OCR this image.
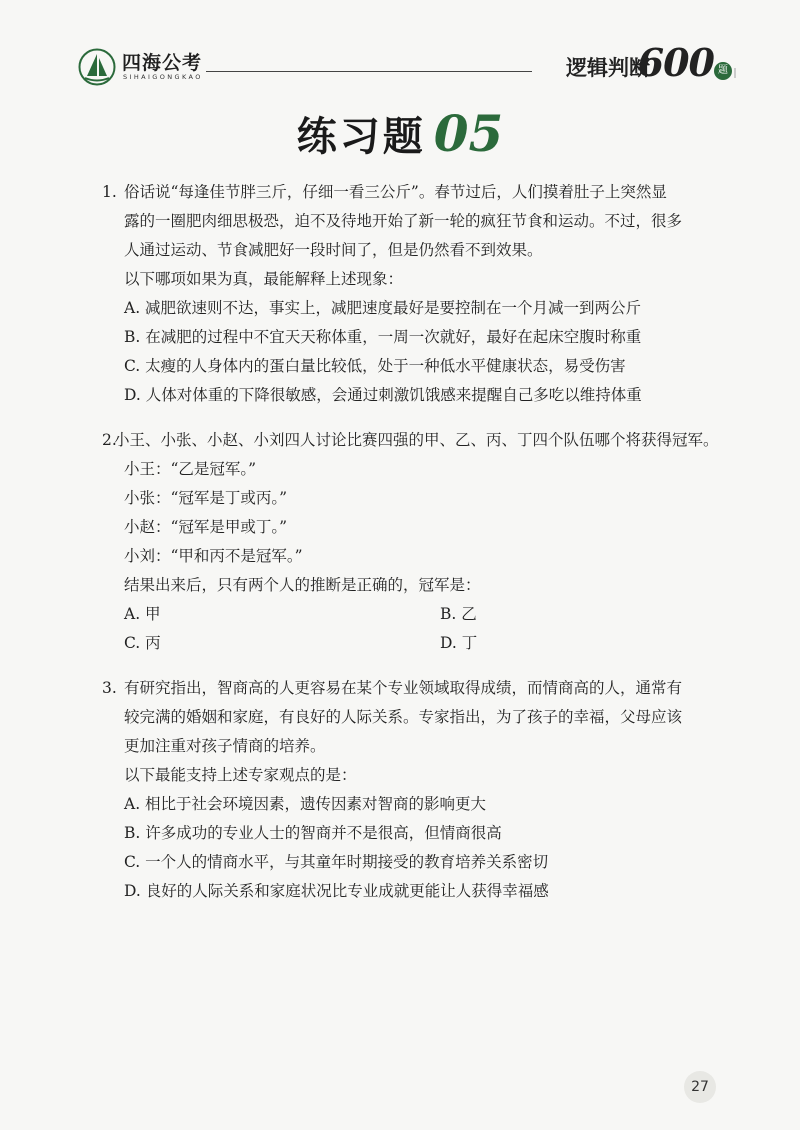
四海公考
SIHAIGONGKAO	逻辑判断
600 题
练习题 05
1. 俗话说“每逢佳节胖三斤，仔细一看三公斤”。春节过后，人们摸着肚子上突然显
露的一圈肥肉细思极恐，迫不及待地开始了新一轮的疯狂节食和运动。不过，很多
人通过运动、节食减肥好一段时间了，但是仍然看不到效果。
以下哪项如果为真，最能解释上述现象：
A. 减肥欲速则不达，事实上，减肥速度最好是要控制在一个月减一到两公斤
B. 在减肥的过程中不宜天天称体重，一周一次就好，最好在起床空腹时称重
C. 太瘦的人身体内的蛋白量比较低，处于一种低水平健康状态，易受伤害
D. 人体对体重的下降很敏感，会通过刺激饥饿感来提醒自己多吃以维持体重
2.
小王、小张、小赵、小刘四人讨论比赛四强的甲、乙、丙、丁四个队伍哪个将获得冠军。
小王：“乙是冠军。”
小张：“冠军是丁或丙。”
小赵：“冠军是甲或丁。”
小刘：“甲和丙不是冠军。”
结果出来后，只有两个人的推断是正确的，冠军是：
A. 甲	B. 乙
C. 丙	D. 丁
3. 有研究指出，智商高的人更容易在某个专业领域取得成绩，而情商高的人，通常有
较完满的婚姻和家庭，有良好的人际关系。专家指出，为了孩子的幸福，父母应该
更加注重对孩子情商的培养。
以下最能支持上述专家观点的是：
A. 相比于社会环境因素，遗传因素对智商的影响更大
B. 许多成功的专业人士的智商并不是很高，但情商很高
C. 一个人的情商水平，与其童年时期接受的教育培养关系密切
D. 良好的人际关系和家庭状况比专业成就更能让人获得幸福感
27
